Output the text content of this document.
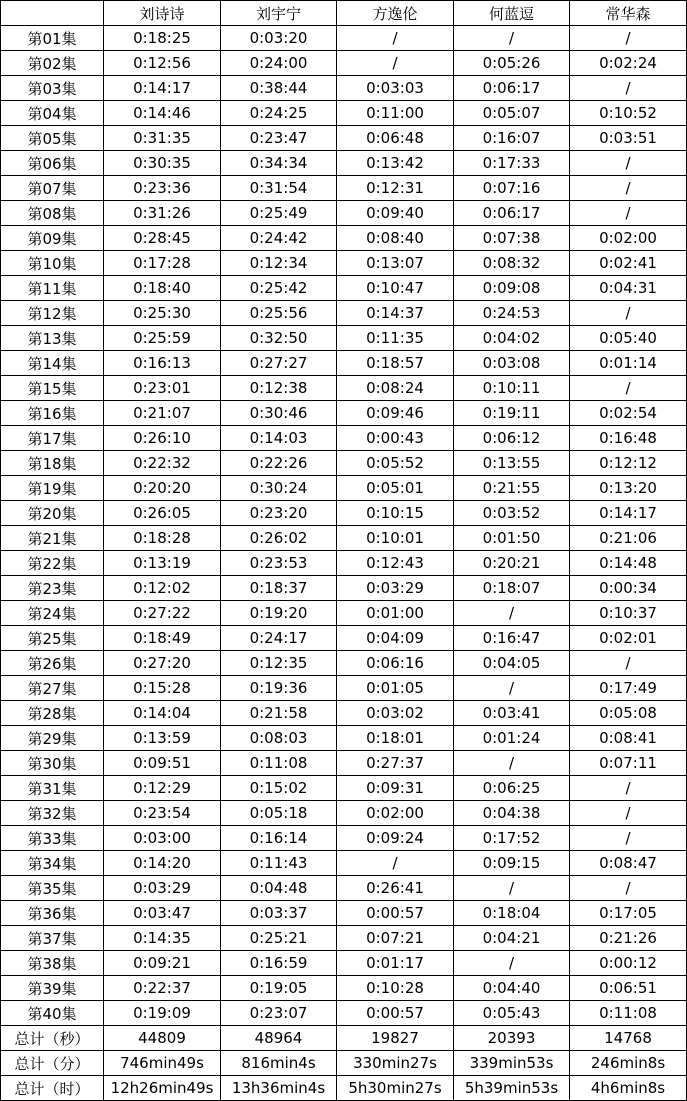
	刘诗诗	刘宇宁	方逸伦	何蓝逗	常华森
第01集	0:18:25	0:03:20	/	/	/
第02集	0:12:56	0:24:00	/	0:05:26	0:02:24
第03集	0:14:17	0:38:44	0:03:03	0:06:17	/
第04集	0:14:46	0:24:25	0:11:00	0:05:07	0:10:52
第05集	0:31:35	0:23:47	0:06:48	0:16:07	0:03:51
第06集	0:30:35	0:34:34	0:13:42	0:17:33	/
第07集	0:23:36	0:31:54	0:12:31	0:07:16	/
第08集	0:31:26	0:25:49	0:09:40	0:06:17	/
第09集	0:28:45	0:24:42	0:08:40	0:07:38	0:02:00
第10集	0:17:28	0:12:34	0:13:07	0:08:32	0:02:41
第11集	0:18:40	0:25:42	0:10:47	0:09:08	0:04:31
第12集	0:25:30	0:25:56	0:14:37	0:24:53	/
第13集	0:25:59	0:32:50	0:11:35	0:04:02	0:05:40
第14集	0:16:13	0:27:27	0:18:57	0:03:08	0:01:14
第15集	0:23:01	0:12:38	0:08:24	0:10:11	/
第16集	0:21:07	0:30:46	0:09:46	0:19:11	0:02:54
第17集	0:26:10	0:14:03	0:00:43	0:06:12	0:16:48
第18集	0:22:32	0:22:26	0:05:52	0:13:55	0:12:12
第19集	0:20:20	0:30:24	0:05:01	0:21:55	0:13:20
第20集	0:26:05	0:23:20	0:10:15	0:03:52	0:14:17
第21集	0:18:28	0:26:02	0:10:01	0:01:50	0:21:06
第22集	0:13:19	0:23:53	0:12:43	0:20:21	0:14:48
第23集	0:12:02	0:18:37	0:03:29	0:18:07	0:00:34
第24集	0:27:22	0:19:20	0:01:00	/	0:10:37
第25集	0:18:49	0:24:17	0:04:09	0:16:47	0:02:01
第26集	0:27:20	0:12:35	0:06:16	0:04:05	/
第27集	0:15:28	0:19:36	0:01:05	/	0:17:49
第28集	0:14:04	0:21:58	0:03:02	0:03:41	0:05:08
第29集	0:13:59	0:08:03	0:18:01	0:01:24	0:08:41
第30集	0:09:51	0:11:08	0:27:37	/	0:07:11
第31集	0:12:29	0:15:02	0:09:31	0:06:25	/
第32集	0:23:54	0:05:18	0:02:00	0:04:38	/
第33集	0:03:00	0:16:14	0:09:24	0:17:52	/
第34集	0:14:20	0:11:43	/	0:09:15	0:08:47
第35集	0:03:29	0:04:48	0:26:41	/	/
第36集	0:03:47	0:03:37	0:00:57	0:18:04	0:17:05
第37集	0:14:35	0:25:21	0:07:21	0:04:21	0:21:26
第38集	0:09:21	0:16:59	0:01:17	/	0:00:12
第39集	0:22:37	0:19:05	0:10:28	0:04:40	0:06:51
第40集	0:19:09	0:23:07	0:00:57	0:05:43	0:11:08
总计（秒）	44809	48964	19827	20393	14768
总计（分）	746min49s	816min4s	330min27s	339min53s	246min8s
总计（时）	12h26min49s	13h36min4s	5h30min27s	5h39min53s	4h6min8s
